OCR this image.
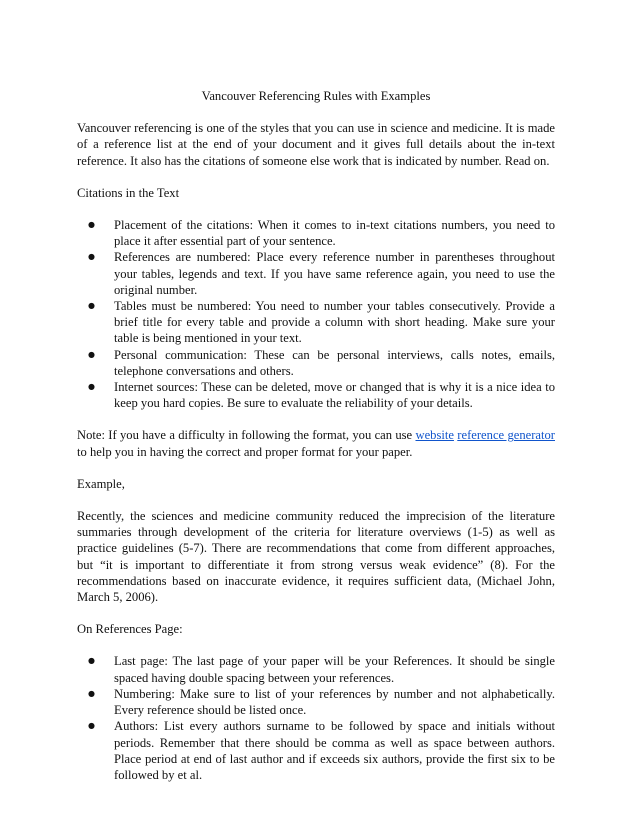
Vancouver Referencing Rules with Examples

Vancouver referencing is one of the styles that you can use in science and medicine. It is made of a reference list at the end of your document and it gives full details about the in-text reference. It also has the citations of someone else work that is indicated by number. Read on.

Citations in the Text

● Placement of the citations: When it comes to in-text citations numbers, you need to place it after essential part of your sentence.
● References are numbered: Place every reference number in parentheses throughout your tables, legends and text. If you have same reference again, you need to use the original number.
● Tables must be numbered: You need to number your tables consecutively. Provide a brief title for every table and provide a column with short heading. Make sure your table is being mentioned in your text.
● Personal communication: These can be personal interviews, calls notes, emails, telephone conversations and others.
● Internet sources: These can be deleted, move or changed that is why it is a nice idea to keep you hard copies. Be sure to evaluate the reliability of your details.

Note: If you have a difficulty in following the format, you can use website reference generator to help you in having the correct and proper format for your paper.

Example,

Recently, the sciences and medicine community reduced the imprecision of the literature summaries through development of the criteria for literature overviews (1-5) as well as practice guidelines (5-7). There are recommendations that come from different approaches, but “it is important to differentiate it from strong versus weak evidence” (8). For the recommendations based on inaccurate evidence, it requires sufficient data, (Michael John, March 5, 2006).

On References Page:

● Last page: The last page of your paper will be your References. It should be single spaced having double spacing between your references.
● Numbering: Make sure to list of your references by number and not alphabetically. Every reference should be listed once.
● Authors: List every authors surname to be followed by space and initials without periods. Remember that there should be comma as well as space between authors. Place period at end of last author and if exceeds six authors, provide the first six to be followed by et al.
